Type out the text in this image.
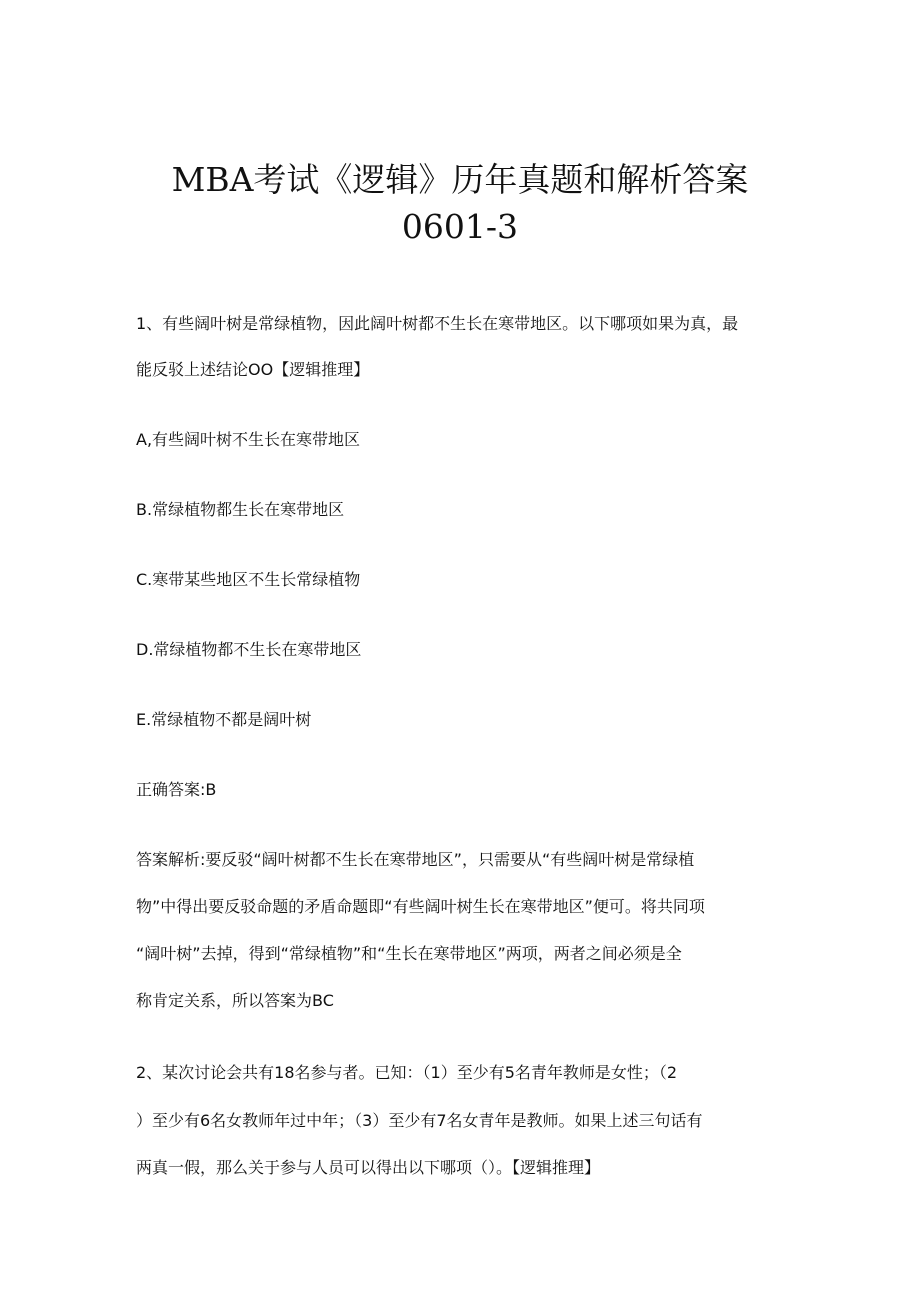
MBA考试《逻辑》历年真题和解析答案
0601-3
1、有些阔叶树是常绿植物，因此阔叶树都不生长在寒带地区。以下哪项如果为真，最
能反驳上述结论OO【逻辑推理】
A,有些阔叶树不生长在寒带地区
B.常绿植物都生长在寒带地区
C.寒带某些地区不生长常绿植物
D.常绿植物都不生长在寒带地区
E.常绿植物不都是阔叶树
正确答案:B
答案解析:要反驳“阔叶树都不生长在寒带地区”，只需要从“有些阔叶树是常绿植
物”中得出要反驳命题的矛盾命题即“有些阔叶树生长在寒带地区”便可。将共同项
“阔叶树”去掉，得到“常绿植物”和“生长在寒带地区”两项，两者之间必须是全
称肯定关系，所以答案为BC
2、某次讨论会共有18名参与者。已知：（1）至少有5名青年教师是女性；（2
）至少有6名女教师年过中年；（3）至少有7名女青年是教师。如果上述三句话有
两真一假，那么关于参与人员可以得出以下哪项（）。【逻辑推理】
